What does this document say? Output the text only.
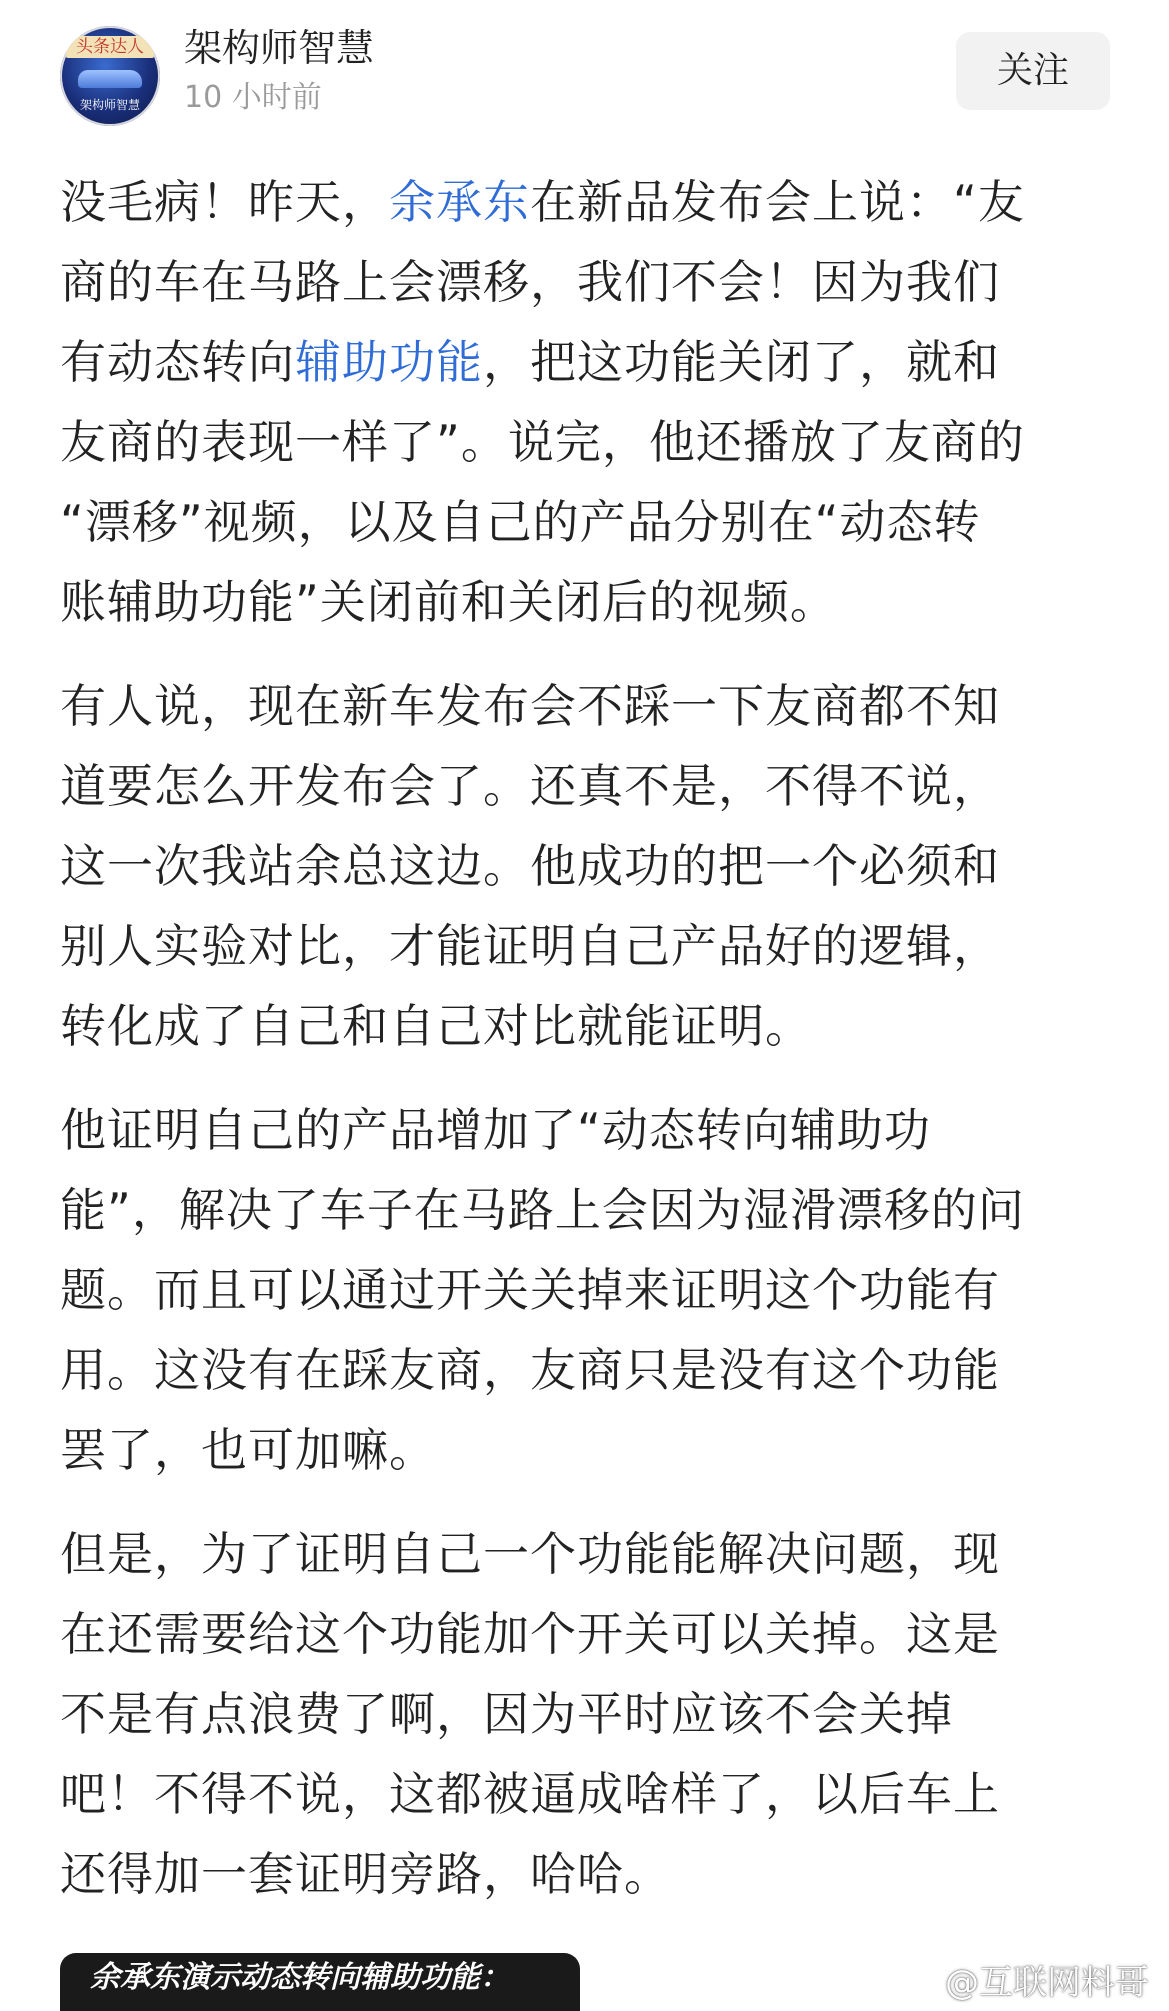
头条达人
架构师智慧
架构师智慧
10 小时前
关注
没毛病！昨天，余承东在新品发布会上说：“友
商的车在马路上会漂移，我们不会！因为我们
有动态转向辅助功能，把这功能关闭了，就和
友商的表现一样了”。说完，他还播放了友商的
“漂移”视频，以及自己的产品分别在“动态转
账辅助功能”关闭前和关闭后的视频。
有人说，现在新车发布会不踩一下友商都不知
道要怎么开发布会了。还真不是，不得不说，
这一次我站余总这边。他成功的把一个必须和
别人实验对比，才能证明自己产品好的逻辑，
转化成了自己和自己对比就能证明。
他证明自己的产品增加了“动态转向辅助功
能”，解决了车子在马路上会因为湿滑漂移的问
题。而且可以通过开关关掉来证明这个功能有
用。这没有在踩友商，友商只是没有这个功能
罢了，也可加嘛。
但是，为了证明自己一个功能能解决问题，现
在还需要给这个功能加个开关可以关掉。这是
不是有点浪费了啊，因为平时应该不会关掉
吧！不得不说，这都被逼成啥样了，以后车上
还得加一套证明旁路，哈哈。
余承东演示动态转向辅助功能：	@互联网料哥
